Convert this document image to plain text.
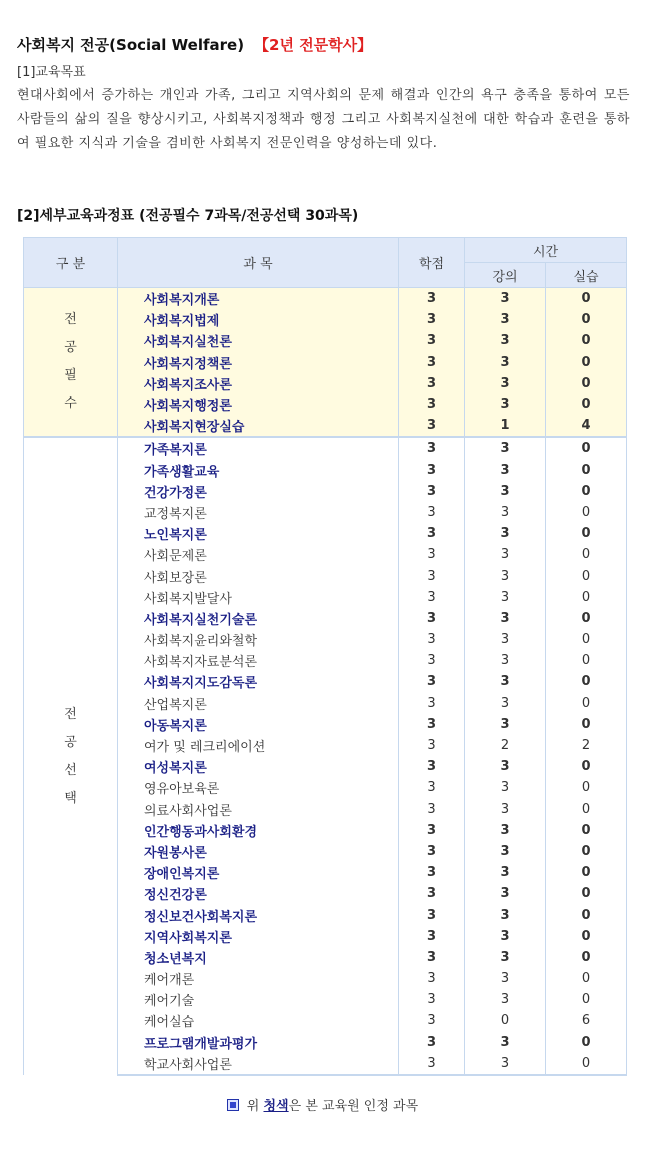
사회복지 전공(Social Welfare) 【2년 전문학사】
[1]교육목표
현대사회에서 증가하는 개인과 가족, 그리고 지역사회의 문제 해결과 인간의 욕구 충족을 통하여 모든 사람들의 삶의 질을 향상시키고, 사회복지정책과 행정 그리고 사회복지실천에 대한 학습과 훈련을 통하여 필요한 지식과 기술을 겸비한 사회복지 전문인력을 양성하는데 있다.
[2]세부교육과정표 (전공필수 7과목/전공선택 30과목)
구 분	과 목	학점	시간	
			강의	실습
전공필수	사회복지개론	3	3	0
	사회복지법제	3	3	0
	사회복지실천론	3	3	0
	사회복지정책론	3	3	0
	사회복지조사론	3	3	0
	사회복지행정론	3	3	0
	사회복지현장실습	3	1	4
전공선택	가족복지론	3	3	0
	가족생활교육	3	3	0
	건강가정론	3	3	0
	교정복지론	3	3	0
	노인복지론	3	3	0
	사회문제론	3	3	0
	사회보장론	3	3	0
	사회복지발달사	3	3	0
	사회복지실천기술론	3	3	0
	사회복지윤리와철학	3	3	0
	사회복지자료분석론	3	3	0
	사회복지지도감독론	3	3	0
	산업복지론	3	3	0
	아동복지론	3	3	0
	여가 및 레크리에이션	3	2	2
	여성복지론	3	3	0
	영유아보육론	3	3	0
	의료사회사업론	3	3	0
	인간행동과사회환경	3	3	0
	자원봉사론	3	3	0
	장애인복지론	3	3	0
	정신건강론	3	3	0
	정신보건사회복지론	3	3	0
	지역사회복지론	3	3	0
	청소년복지	3	3	0
	케어개론	3	3	0
	케어기술	3	3	0
	케어실습	3	0	6
	프로그램개발과평가	3	3	0
	학교사회사업론	3	3	0
위 청색은 본 교육원 인정 과목
